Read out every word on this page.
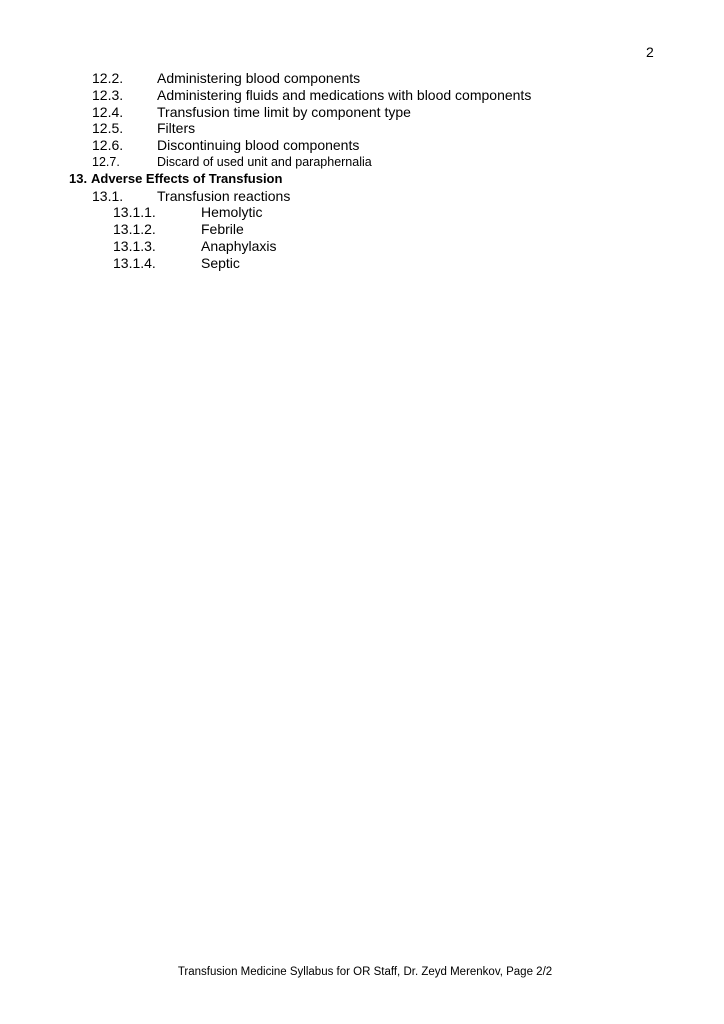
2
12.2. Administering blood components
12.3. Administering fluids and medications with blood components
12.4. Transfusion time limit by component type
12.5. Filters
12.6. Discontinuing blood components
12.7.	Discard of used unit and paraphernalia
13. Adverse Effects of Transfusion
13.1. Transfusion reactions
13.1.1.	Hemolytic
13.1.2.	Febrile
13.1.3.	Anaphylaxis
13.1.4.	Septic
Transfusion Medicine Syllabus for OR Staff, Dr. Zeyd Merenkov, Page 2/2
